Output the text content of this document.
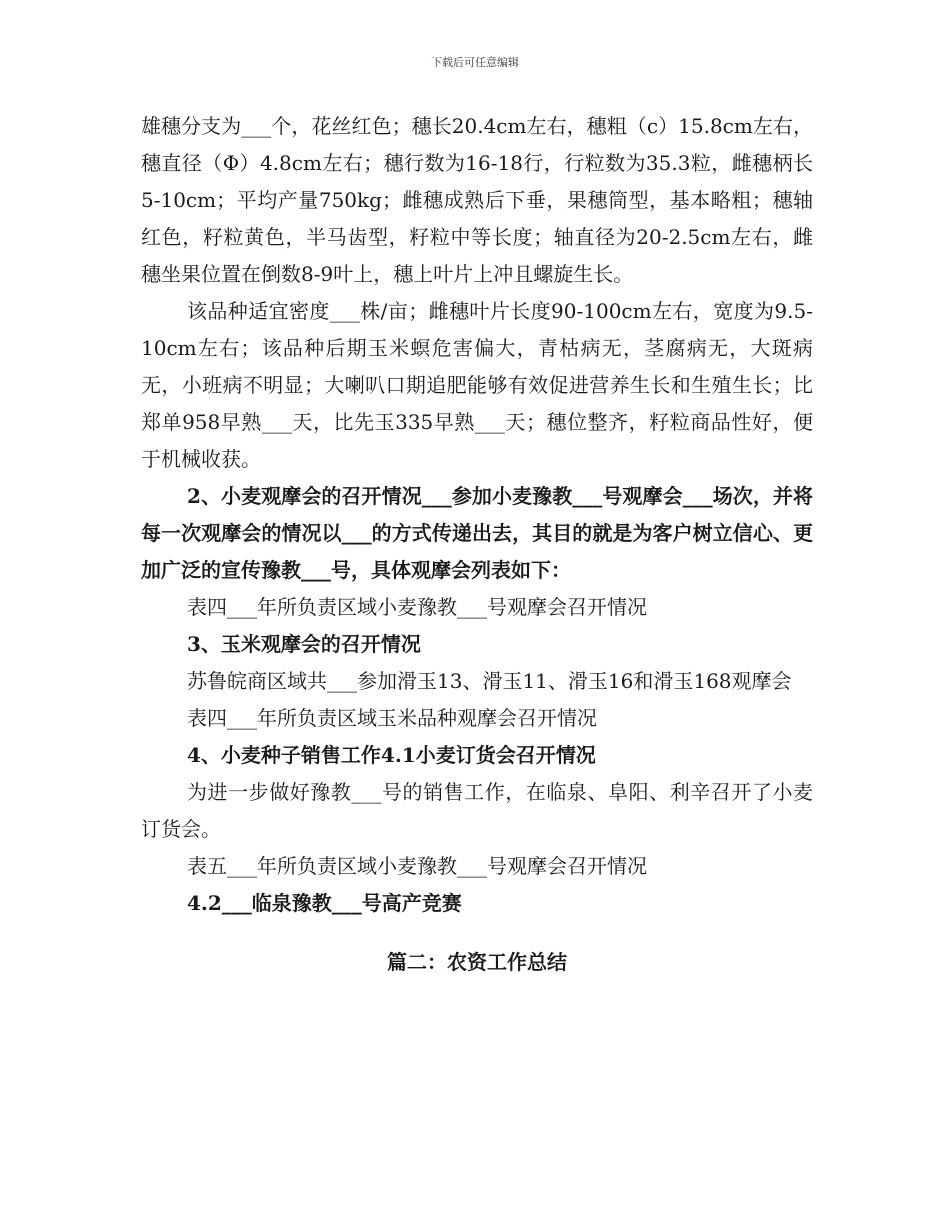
下载后可任意编辑

雄穗分支为___个，花丝红色；穗长20.4cm左右，穗粗（c）15.8cm左右，穗直径（Φ）4.8cm左右；穗行数为16-18行，行粒数为35.3粒，雌穗柄长5-10cm；平均产量750kg；雌穗成熟后下垂，果穗筒型，基本略粗；穗轴红色，籽粒黄色，半马齿型，籽粒中等长度；轴直径为20-2.5cm左右，雌穗坐果位置在倒数8-9叶上，穗上叶片上冲且螺旋生长。

该品种适宜密度___株/亩；雌穗叶片长度90-100cm左右，宽度为9.5-10cm左右；该品种后期玉米螟危害偏大，青枯病无，茎腐病无，大斑病无，小班病不明显；大喇叭口期追肥能够有效促进营养生长和生殖生长；比郑单958早熟___天，比先玉335早熟___天；穗位整齐，籽粒商品性好，便于机械收获。

2、小麦观摩会的召开情况___参加小麦豫教___号观摩会___场次，并将每一次观摩会的情况以___的方式传递出去，其目的就是为客户树立信心、更加广泛的宣传豫教___号，具体观摩会列表如下：

表四___年所负责区域小麦豫教___号观摩会召开情况

3、玉米观摩会的召开情况

苏鲁皖商区域共___参加滑玉13、滑玉11、滑玉16和滑玉168观摩会

表四___年所负责区域玉米品种观摩会召开情况

4、小麦种子销售工作4.1小麦订货会召开情况

为进一步做好豫教___号的销售工作，在临泉、阜阳、利辛召开了小麦订货会。

表五___年所负责区域小麦豫教___号观摩会召开情况

4.2___临泉豫教___号高产竞赛

篇二：农资工作总结
